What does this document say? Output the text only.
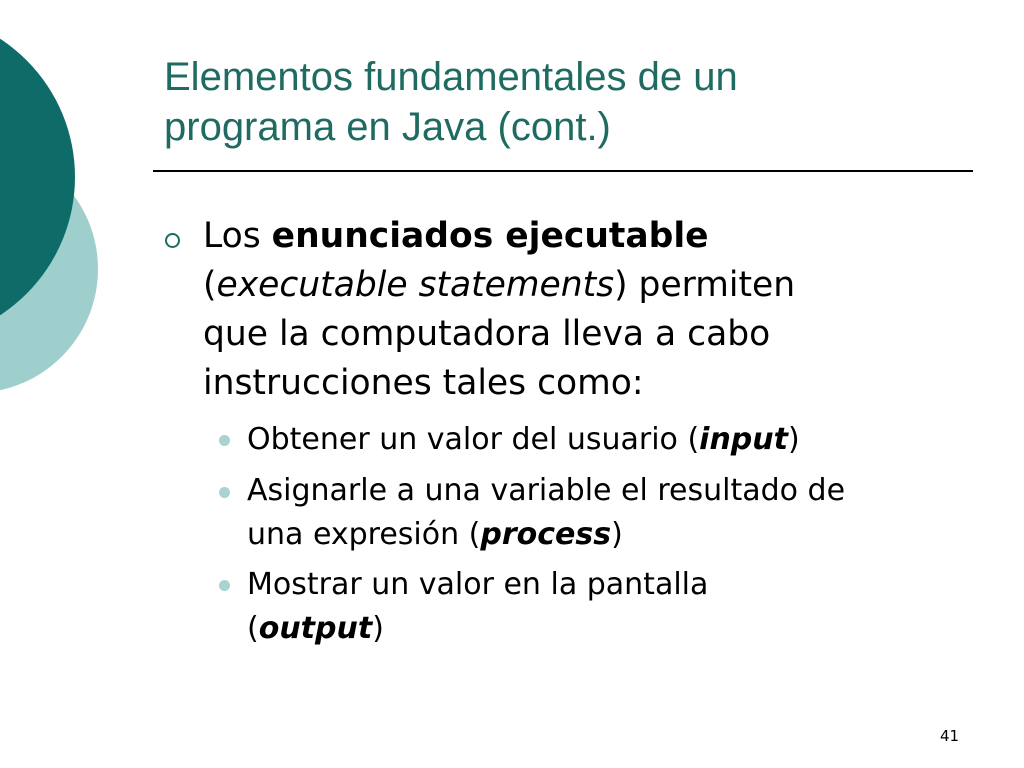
Elementos fundamentales de un
programa en Java (cont.)
Los enunciados ejecutable
(executable statements) permiten
que la computadora lleva a cabo
instrucciones tales como:
Obtener un valor del usuario (input)
Asignarle a una variable el resultado de
una expresión (process)
Mostrar un valor en la pantalla
(output)
41
